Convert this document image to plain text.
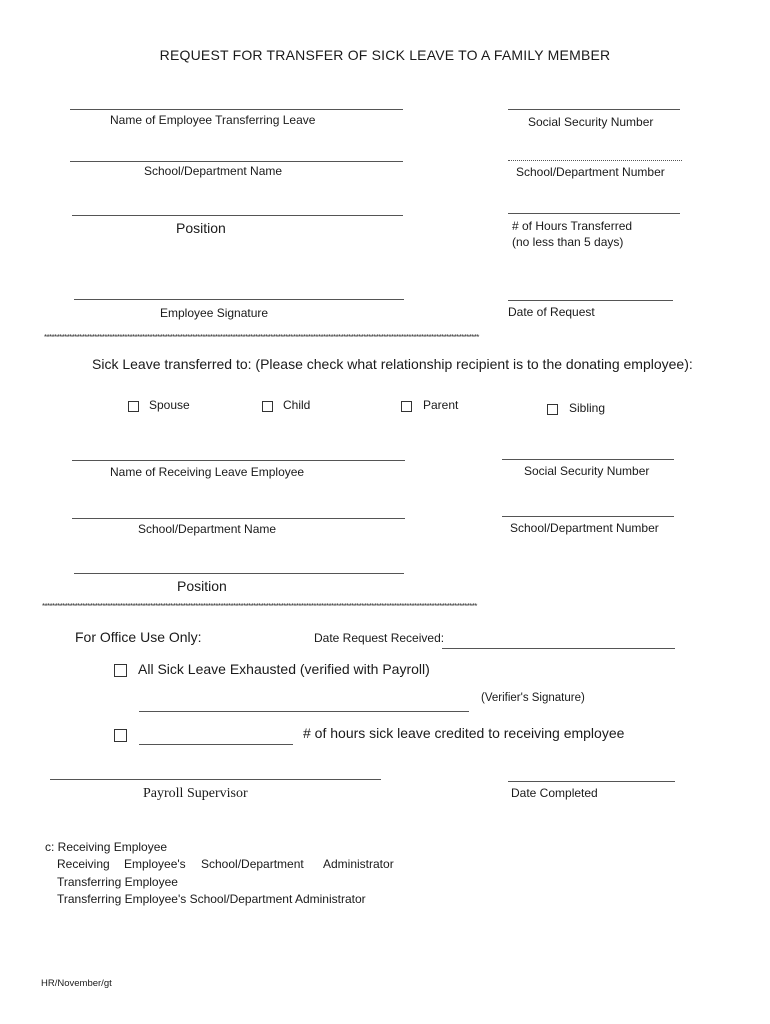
REQUEST FOR TRANSFER OF SICK LEAVE TO A FAMILY MEMBER
Name of Employee Transferring Leave	Social Security Number
School/Department Name	School/Department Number
Position	# of Hours Transferred
(no less than 5 days)
Employee Signature	Date of Request
*****************************************************************************************************************************************************************************
Sick Leave transferred to: (Please check what relationship recipient is to the donating employee):
Spouse	Child	Parent	Sibling
Name of Receiving Leave Employee	Social Security Number
School/Department Name	School/Department Number
Position
*****************************************************************************************************************************************************************************
For Office Use Only:	Date Request Received:
All Sick Leave Exhausted (verified with Payroll)
(Verifier's Signature)
# of hours sick leave credited to receiving employee
Payroll Supervisor	Date Completed
c: Receiving Employee
Receiving Employee's School/Department Administrator
Transferring Employee
Transferring Employee's School/Department Administrator
HR/November/gt
